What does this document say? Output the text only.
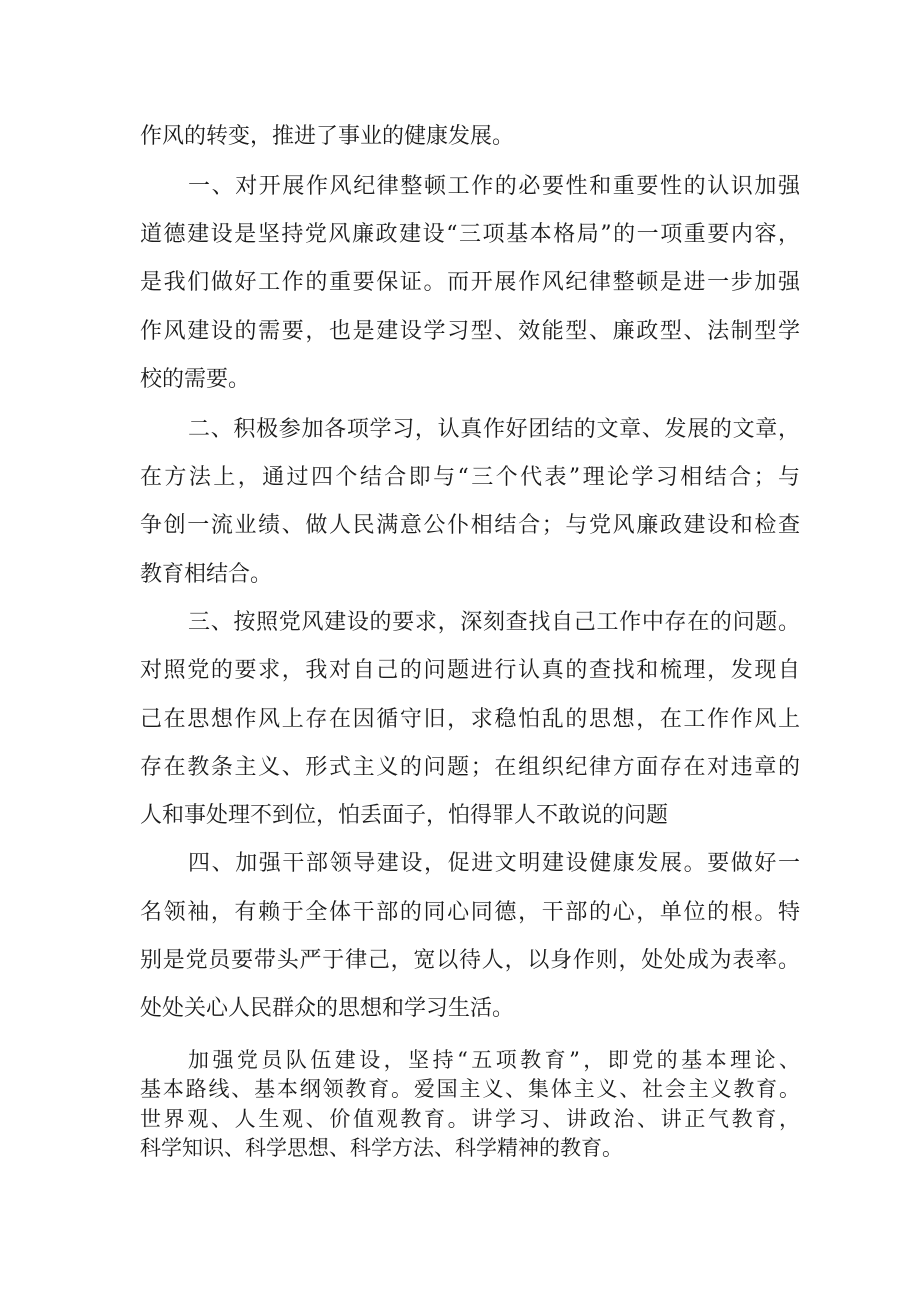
作风的转变，推进了事业的健康发展。

一、对开展作风纪律整顿工作的必要性和重要性的认识加强

道德建设是坚持党风廉政建设“三项基本格局”的一项重要内容，

是我们做好工作的重要保证。而开展作风纪律整顿是进一步加强

作风建设的需要，也是建设学习型、效能型、廉政型、法制型学

校的需要。

二、积极参加各项学习，认真作好团结的文章、发展的文章，

在方法上，通过四个结合即与“三个代表”理论学习相结合；与

争创一流业绩、做人民满意公仆相结合；与党风廉政建设和检查

教育相结合。

三、按照党风建设的要求，深刻查找自己工作中存在的问题。

对照党的要求，我对自己的问题进行认真的查找和梳理，发现自

己在思想作风上存在因循守旧，求稳怕乱的思想，在工作作风上

存在教条主义、形式主义的问题；在组织纪律方面存在对违章的

人和事处理不到位，怕丢面子，怕得罪人不敢说的问题

四、加强干部领导建设，促进文明建设健康发展。要做好一

名领袖，有赖于全体干部的同心同德，干部的心，单位的根。特

别是党员要带头严于律己，宽以待人，以身作则，处处成为表率。

处处关心人民群众的思想和学习生活。

加强党员队伍建设，坚持“五项教育”，即党的基本理论、

基本路线、基本纲领教育。爱国主义、集体主义、社会主义教育。

世界观、人生观、价值观教育。讲学习、讲政治、讲正气教育，

科学知识、科学思想、科学方法、科学精神的教育。
